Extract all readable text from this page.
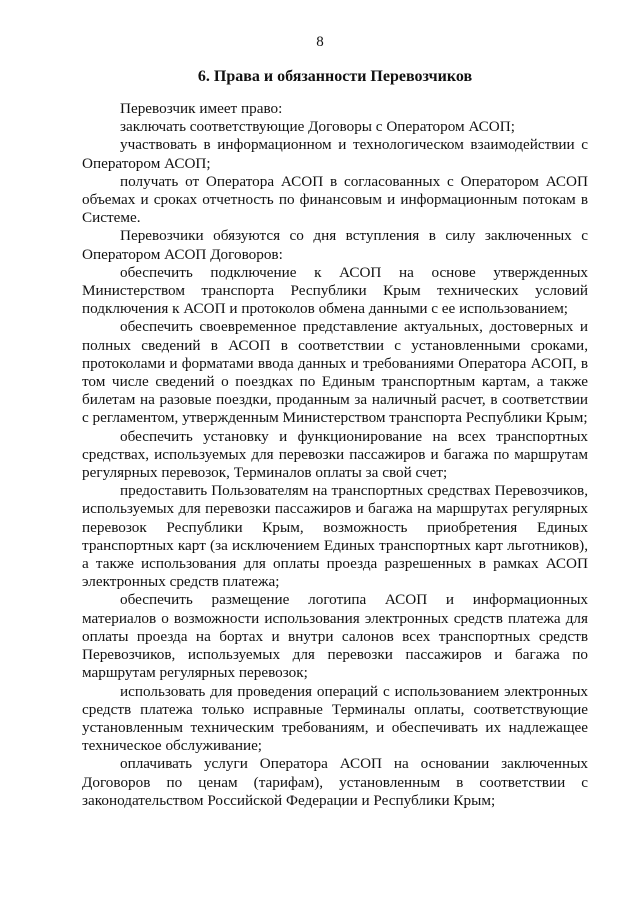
8
6. Права и обязанности Перевозчиков

Перевозчик имеет право:

заключать соответствующие Договоры с Оператором АСОП;

участвовать в информационном и технологическом взаимодействии с Оператором АСОП;

получать от Оператора АСОП в согласованных с Оператором АСОП объемах и сроках отчетность по финансовым и информационным потокам в Системе.

Перевозчики обязуются со дня вступления в силу заключенных с Оператором АСОП Договоров:

обеспечить подключение к АСОП на основе утвержденных Министерством транспорта Республики Крым технических условий подключения к АСОП и протоколов обмена данными с ее использованием;

обеспечить своевременное представление актуальных, достоверных и полных сведений в АСОП в соответствии с установленными сроками, протоколами и форматами ввода данных и требованиями Оператора АСОП, в том числе сведений о поездках по Единым транспортным картам, а также билетам на разовые поездки, проданным за наличный расчет, в соответствии с регламентом, утвержденным Министерством транспорта Республики Крым;

обеспечить установку и функционирование на всех транспортных средствах, используемых для перевозки пассажиров и багажа по маршрутам регулярных перевозок, Терминалов оплаты за свой счет;

предоставить Пользователям на транспортных средствах Перевозчиков, используемых для перевозки пассажиров и багажа на маршрутах регулярных перевозок Республики Крым, возможность приобретения Единых транспортных карт (за исключением Единых транспортных карт льготников), а также использования для оплаты проезда разрешенных в рамках АСОП электронных средств платежа;

обеспечить размещение логотипа АСОП и информационных материалов о возможности использования электронных средств платежа для оплаты проезда на бортах и внутри салонов всех транспортных средств Перевозчиков, используемых для перевозки пассажиров и багажа по маршрутам регулярных перевозок;

использовать для проведения операций с использованием электронных средств платежа только исправные Терминалы оплаты, соответствующие установленным техническим требованиям, и обеспечивать их надлежащее техническое обслуживание;

оплачивать услуги Оператора АСОП на основании заключенных Договоров по ценам (тарифам), установленным в соответствии с законодательством Российской Федерации и Республики Крым;
